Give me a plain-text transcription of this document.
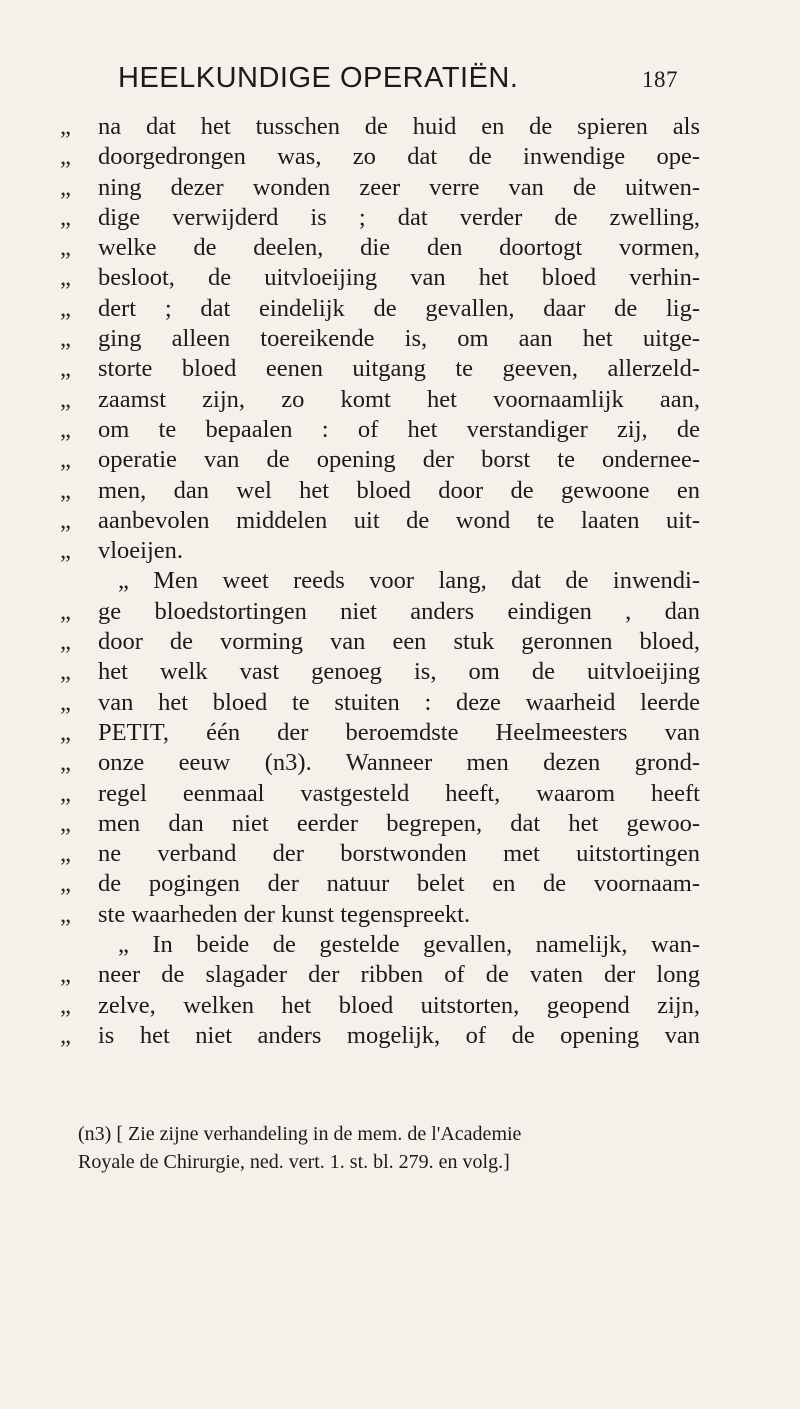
HEELKUNDIGE OPERATIËN.	187
„	na dat het tusschen de huid en de spieren als
„	doorgedrongen was, zo dat de inwendige ope-
„	ning dezer wonden zeer verre van de uitwen-
„	dige verwijderd is ; dat verder de zwelling,
„	welke de deelen, die den doortogt vormen,
„	besloot, de uitvloeijing van het bloed verhin-
„	dert ; dat eindelijk de gevallen, daar de lig-
„	ging alleen toereikende is, om aan het uitge-
„	storte bloed eenen uitgang te geeven, allerzeld-
„	zaamst zijn, zo komt het voornaamlijk aan,
„	om te bepaalen : of het verstandiger zij, de
„	operatie van de opening der borst te ondernee-
„	men, dan wel het bloed door de gewoone en
„	aanbevolen middelen uit de wond te laaten uit-
„	vloeijen.
„ Men weet reeds voor lang, dat de inwendi-
„	ge bloedstortingen niet anders eindigen , dan
„	door de vorming van een stuk geronnen bloed,
„	het welk vast genoeg is, om de uitvloeijing
„	van het bloed te stuiten : deze waarheid leerde
„	PETIT, één der beroemdste Heelmeesters van
„	onze eeuw (n3). Wanneer men dezen grond-
„	regel eenmaal vastgesteld heeft, waarom heeft
„	men dan niet eerder begrepen, dat het gewoo-
„	ne verband der borstwonden met uitstortingen
„	de pogingen der natuur belet en de voornaam-
„	ste waarheden der kunst tegenspreekt.
„ In beide de gestelde gevallen, namelijk, wan-
„	neer de slagader der ribben of de vaten der long
„	zelve, welken het bloed uitstorten, geopend zijn,
„	is het niet anders mogelijk, of de opening van
(n3) [ Zie zijne verhandeling in de mem. de l'Academie
Royale de Chirurgie, ned. vert. 1. st. bl. 279. en volg.]
